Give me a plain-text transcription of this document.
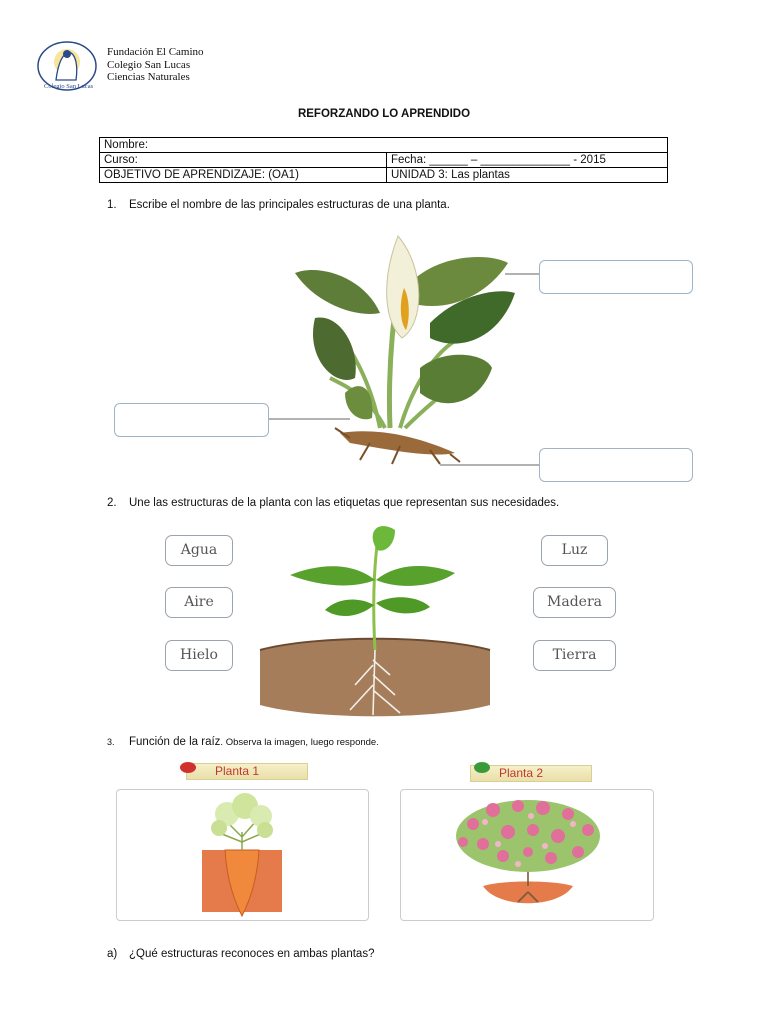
Colegio San Lucas
Fundación El Camino
Colegio San Lucas
Ciencias Naturales
REFORZANDO LO APRENDIDO
Nombre:	
Curso:	Fecha: ______ – ______________ - 2015
OBJETIVO DE APRENDIZAJE: (OA1)	UNIDAD 3: Las plantas
1. Escribe el nombre de las principales estructuras de una planta.
2. Une las estructuras de la planta con las etiquetas que representan sus necesidades.
Agua
Aire
Hielo
Luz
Madera
Tierra
3. Función de la raíz. Observa la imagen, luego responde.
Planta 1	Planta 2
a) ¿Qué estructuras reconoces en ambas plantas?
